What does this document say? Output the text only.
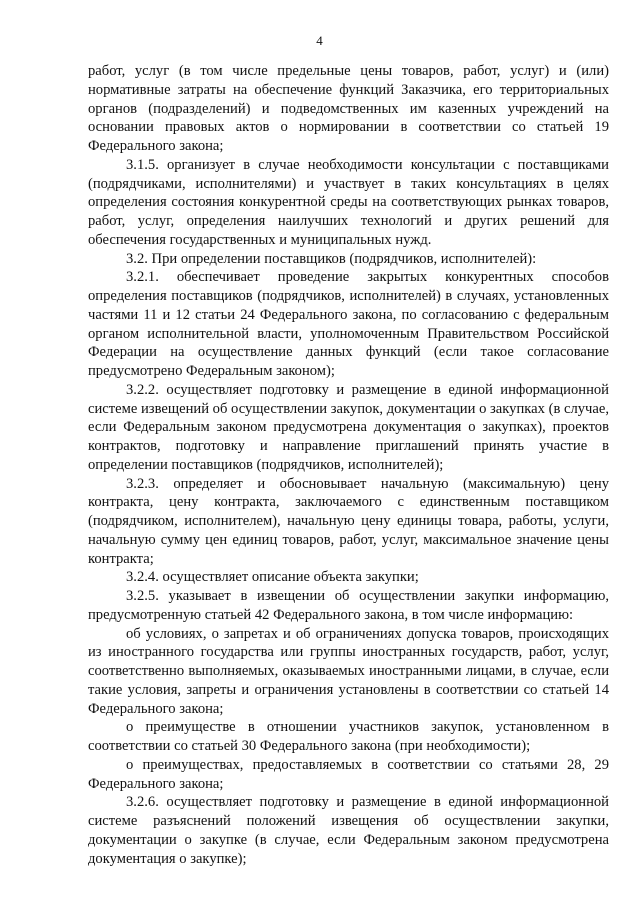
4

работ, услуг (в том числе предельные цены товаров, работ, услуг) и (или) нормативные затраты на обеспечение функций Заказчика, его территориальных органов (подразделений) и подведомственных им казенных учреждений на основании правовых актов о нормировании в соответствии со статьей 19 Федерального закона;

3.1.5. организует в случае необходимости консультации с поставщиками (подрядчиками, исполнителями) и участвует в таких консультациях в целях определения состояния конкурентной среды на соответствующих рынках товаров, работ, услуг, определения наилучших технологий и других решений для обеспечения государственных и муниципальных нужд.

3.2. При определении поставщиков (подрядчиков, исполнителей):

3.2.1. обеспечивает проведение закрытых конкурентных способов определения поставщиков (подрядчиков, исполнителей) в случаях, установленных частями 11 и 12 статьи 24 Федерального закона, по согласованию с федеральным органом исполнительной власти, уполномоченным Правительством Российской Федерации на осуществление данных функций (если такое согласование предусмотрено Федеральным законом);

3.2.2. осуществляет подготовку и размещение в единой информационной системе извещений об осуществлении закупок, документации о закупках (в случае, если Федеральным законом предусмотрена документация о закупках), проектов контрактов, подготовку и направление приглашений принять участие в определении поставщиков (подрядчиков, исполнителей);

3.2.3. определяет и обосновывает начальную (максимальную) цену контракта, цену контракта, заключаемого с единственным поставщиком (подрядчиком, исполнителем), начальную цену единицы товара, работы, услуги, начальную сумму цен единиц товаров, работ, услуг, максимальное значение цены контракта;

3.2.4. осуществляет описание объекта закупки;

3.2.5. указывает в извещении об осуществлении закупки информацию, предусмотренную статьей 42 Федерального закона, в том числе информацию:

об условиях, о запретах и об ограничениях допуска товаров, происходящих из иностранного государства или группы иностранных государств, работ, услуг, соответственно выполняемых, оказываемых иностранными лицами, в случае, если такие условия, запреты и ограничения установлены в соответствии со статьей 14 Федерального закона;

о преимуществе в отношении участников закупок, установленном в соответствии со статьей 30 Федерального закона (при необходимости);

о преимуществах, предоставляемых в соответствии со статьями 28, 29 Федерального закона;

3.2.6. осуществляет подготовку и размещение в единой информационной системе разъяснений положений извещения об осуществлении закупки, документации о закупке (в случае, если Федеральным законом предусмотрена документация о закупке);
